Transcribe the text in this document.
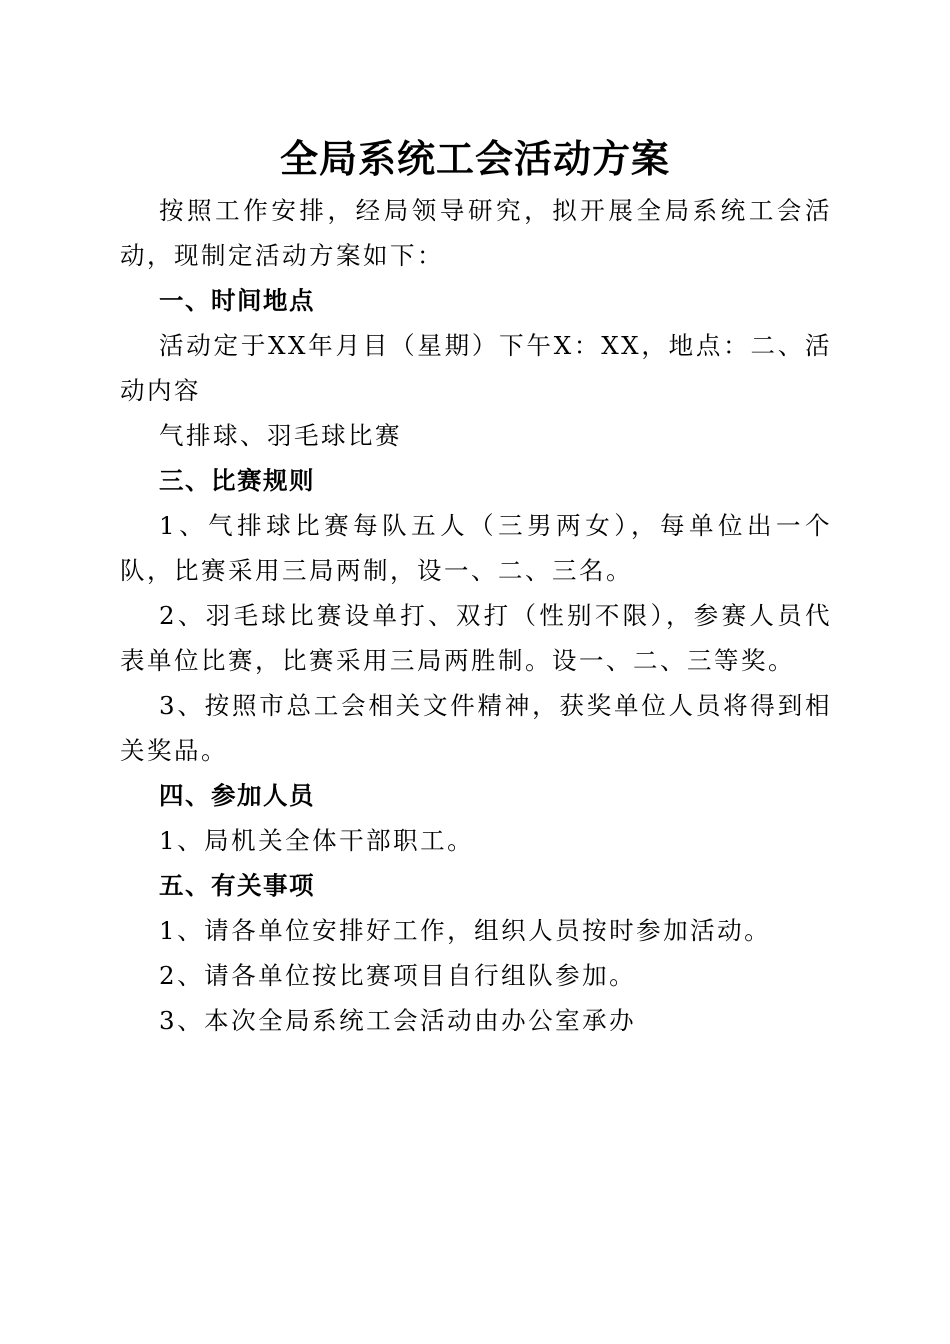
全局系统工会活动方案

按照工作安排，经局领导研究，拟开展全局系统工会活动，现制定活动方案如下：

一、时间地点

活动定于XX年月目（星期）下午X：XX，地点：二、活动内容

气排球、羽毛球比赛

三、比赛规则

1、气排球比赛每队五人（三男两女），每单位出一个队，比赛采用三局两制，设一、二、三名。

2、羽毛球比赛设单打、双打（性别不限），参赛人员代表单位比赛，比赛采用三局两胜制。设一、二、三等奖。

3、按照市总工会相关文件精神，获奖单位人员将得到相关奖品。

四、参加人员

1、局机关全体干部职工。

五、有关事项

1、请各单位安排好工作，组织人员按时参加活动。

2、请各单位按比赛项目自行组队参加。

3、本次全局系统工会活动由办公室承办
